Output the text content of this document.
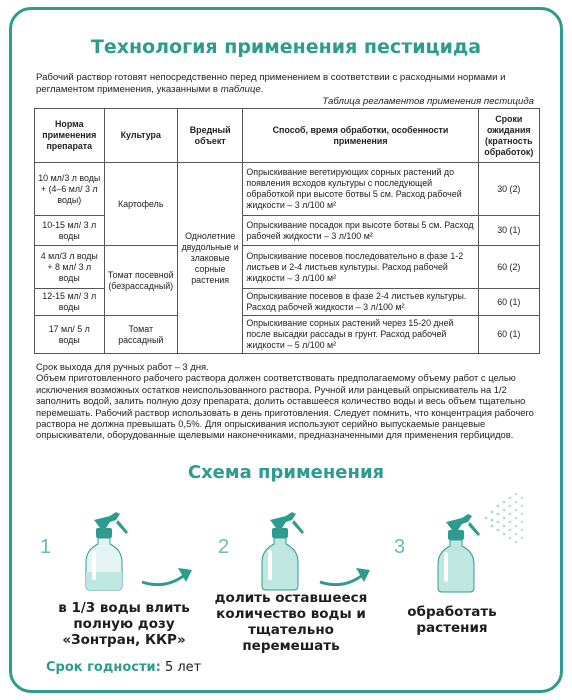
Технология применения пестицида
Рабочий раствор готовят непосредственно перед применением в соответствии с расходными нормами и регламентом применения, указанными в таблице.
Таблица регламентов применения пестицида
Норма применения препарата	Культура	Вредный объект	Способ, время обработки, особенности применения	Сроки ожидания (кратность обработок)
10 мл/3 л воды + (4–6 мл/ 3 л воды)	Картофель	Однолетние двудольные и злаковые сорные растения	Опрыскивание вегетирующих сорных растений до появления всходов культуры с последующей обработкой при высоте ботвы 5 см. Расход рабочей жидкости – 3 л/100 м²	30 (2)
10-15 мл/ 3 л воды			Опрыскивание посадок при высоте ботвы 5 см. Расход рабочей жидкости – 3 л/100 м²	30 (1)
4 мл/3 л воды + 8 мл/ 3 л воды	Томат посевной (безрассадный)		Опрыскивание посевов последовательно в фазе 1-2 листьев и 2-4 листьев культуры. Расход рабочей жидкости – 3 л/100 м²	60 (2)
12-15 мл/ 3 л воды			Опрыскивание посевов в фазе 2-4 листьев культуры. Расход рабочей жидкости – 3 л/100 м²	60 (1)
17 мл/ 5 л воды	Томат рассадный		Опрыскивание сорных растений через 15-20 дней после высадки рассады в грунт. Расход рабочей жидкости – 5 л/100 м²	60 (1)
Срок выхода для ручных работ – 3 дня.
Объем приготовленного рабочего раствора должен соответствовать предполагаемому объему работ с целью исключения возможных остатков неиспользованного раствора. Ручной или ранцевый опрыскиватель на 1/2 заполнить водой, залить полную дозу препарата, долить оставшееся количество воды и весь объем тщательно перемешать. Рабочий раствор использовать в день приготовления. Следует помнить, что концентрация рабочего раствора не должна превышать 0,5%. Для опрыскивания используют серийно выпускаемые ранцевые опрыскиватели, оборудованные щелевыми наконечниками, предназначенными для применения гербицидов.
Схема применения
1	2	3
в 1/3 воды влить полную дозу «Зонтран, ККР»
долить оставшееся количество воды и тщательно перемешать
обработать растения
Срок годности: 5 лет
